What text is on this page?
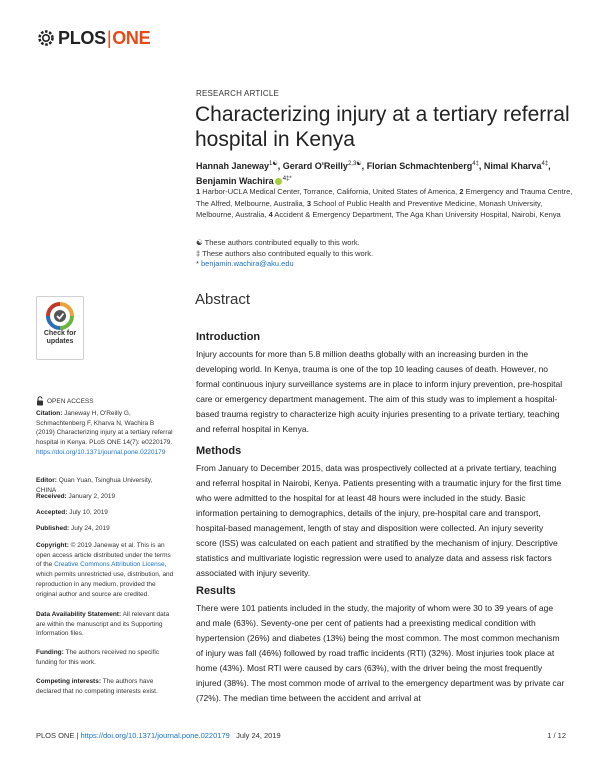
PLOS|ONE
RESEARCH ARTICLE
Characterizing injury at a tertiary referral hospital in Kenya
Hannah Janeway$^{1☯}$, Gerard O'Reilly$^{2,3☯}$, Florian Schmachtenberg$^{4\ddagger}$, Nimal Kharva$^{4\ddagger}$,
Benjamin Wachira $^{4\ddagger*}$

1 Harbor-UCLA Medical Center, Torrance, California, United States of America, 2 Emergency and Trauma Centre, The Alfred, Melbourne, Australia, 3 School of Public Health and Preventive Medicine, Monash University, Melbourne, Australia, 4 Accident & Emergency Department, The Aga Khan University Hospital, Nairobi, Kenya

☯ These authors contributed equally to this work.
‡ These authors also contributed equally to this work.
* benjamin.wachira@aku.edu
Check for
updates
OPEN ACCESS

Citation: Janeway H, O'Reilly G, Schmachtenberg F, Kharva N, Wachira B (2019) Characterizing injury at a tertiary referral hospital in Kenya. PLoS ONE 14(7): e0220179. https://doi.org/10.1371/journal.pone.0220179

Editor: Quan Yuan, Tsinghua University, CHINA

Received: January 2, 2019

Accepted: July 10, 2019

Published: July 24, 2019

Copyright: © 2019 Janeway et al. This is an open access article distributed under the terms of the Creative Commons Attribution License, which permits unrestricted use, distribution, and reproduction in any medium, provided the original author and source are credited.

Data Availability Statement: All relevant data are within the manuscript and its Supporting Information files.

Funding: The authors received no specific funding for this work.

Competing interests: The authors have declared that no competing interests exist.

Abstract
Introduction

Injury accounts for more than 5.8 million deaths globally with an increasing burden in the developing world. In Kenya, trauma is one of the top 10 leading causes of death. However, no formal continuous injury surveillance systems are in place to inform injury prevention, pre-hospital care or emergency department management. The aim of this study was to implement a hospital-based trauma registry to characterize high acuity injuries presenting to a private tertiary, teaching and referral hospital in Kenya.

Methods

From January to December 2015, data was prospectively collected at a private tertiary, teaching and referral hospital in Nairobi, Kenya. Patients presenting with a traumatic injury for the first time who were admitted to the hospital for at least 48 hours were included in the study. Basic information pertaining to demographics, details of the injury, pre-hospital care and transport, hospital-based management, length of stay and disposition were collected. An injury severity score (ISS) was calculated on each patient and stratified by the mechanism of injury. Descriptive statistics and multivariate logistic regression were used to analyze data and assess risk factors associated with injury severity.

Results

There were 101 patients included in the study, the majority of whom were 30 to 39 years of age and male (63%). Seventy-one per cent of patients had a preexisting medical condition with hypertension (26%) and diabetes (13%) being the most common. The most common mechanism of injury was fall (46%) followed by road traffic incidents (RTI) (32%). Most injuries took place at home (43%). Most RTI were caused by cars (63%), with the driver being the most frequently injured (38%). The most common mode of arrival to the emergency department was by private car (72%). The median time between the accident and arrival at

PLOS ONE | https://doi.org/10.1371/journal.pone.0220179 July 24, 2019	1 / 12
